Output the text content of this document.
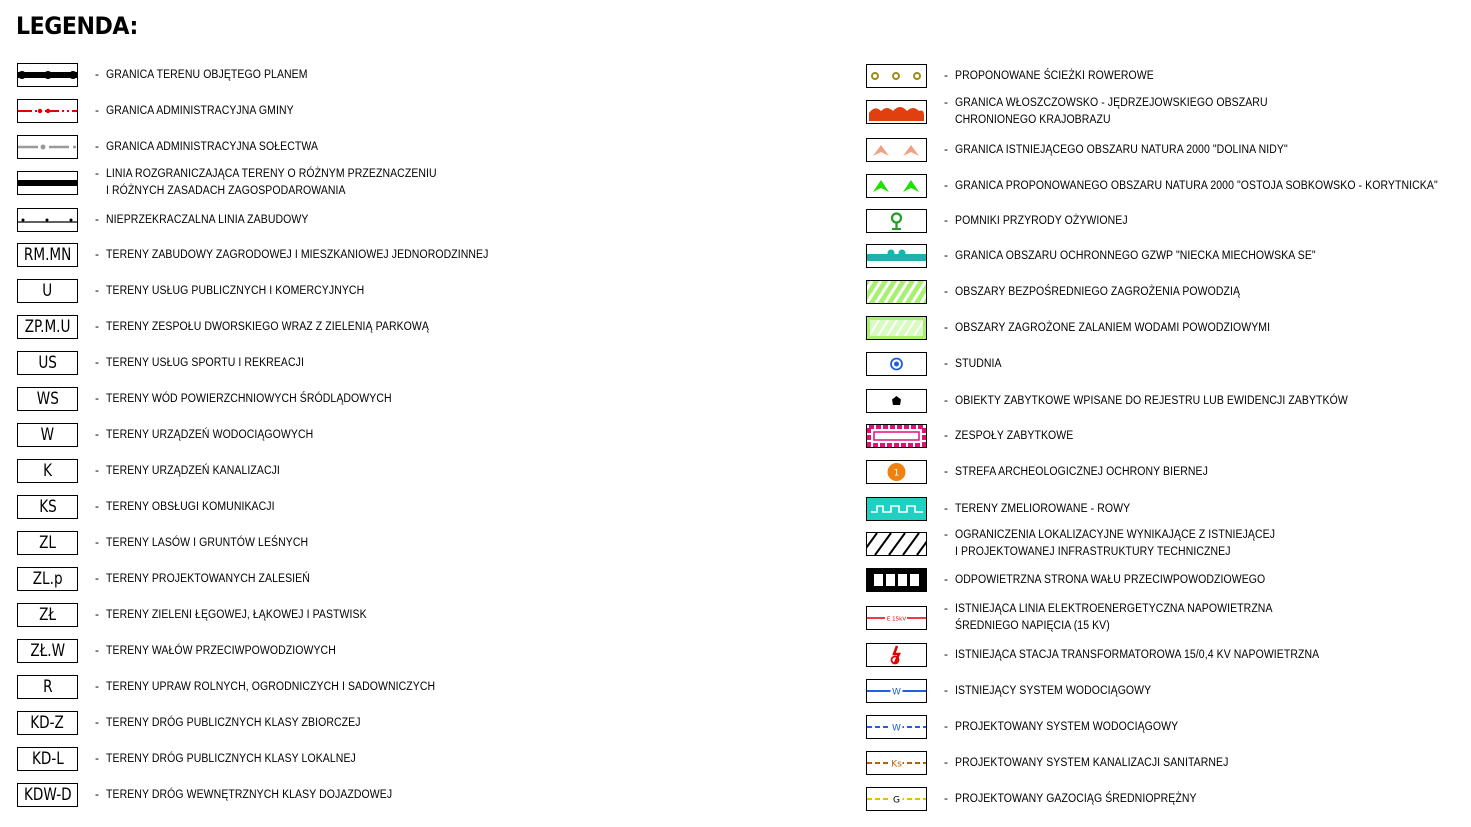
LEGENDA:
- GRANICA TERENU OBJĘTEGO PLANEM
- GRANICA ADMINISTRACYJNA GMINY
- GRANICA ADMINISTRACYJNA SOŁECTWA
- LINIA ROZGRANICZAJĄCA TERENY O RÓŻNYM PRZEZNACZENIU
I RÓŻNYCH ZASADACH ZAGOSPODAROWANIA
- NIEPRZEKRACZALNA LINIA ZABUDOWY
RM.MN - TERENY ZABUDOWY ZAGRODOWEJ I MIESZKANIOWEJ JEDNORODZINNEJ
U	- TERENY USŁUG PUBLICZNYCH I KOMERCYJNYCH
ZP.M.U - TERENY ZESPOŁU DWORSKIEGO WRAZ Z ZIELENIĄ PARKOWĄ
US	- TERENY USŁUG SPORTU I REKREACJI
WS	- TERENY WÓD POWIERZCHNIOWYCH ŚRÓDLĄDOWYCH
W	- TERENY URZĄDZEŃ WODOCIĄGOWYCH
K	- TERENY URZĄDZEŃ KANALIZACJI
KS	- TERENY OBSŁUGI KOMUNIKACJI
ZL	- TERENY LASÓW I GRUNTÓW LEŚNYCH
ZL.p	- TERENY PROJEKTOWANYCH ZALESIEŃ
ZŁ	- TERENY ZIELENI ŁĘGOWEJ, ŁĄKOWEJ I PASTWISK
ZŁ.W	- TERENY WAŁÓW PRZECIWPOWODZIOWYCH
R	- TERENY UPRAW ROLNYCH, OGRODNICZYCH I SADOWNICZYCH
KD-Z	- TERENY DRÓG PUBLICZNYCH KLASY ZBIORCZEJ
KD-L	- TERENY DRÓG PUBLICZNYCH KLASY LOKALNEJ
KDW-D - TERENY DRÓG WEWNĘTRZNYCH KLASY DOJAZDOWEJ
- PROPONOWANE ŚCIEŻKI ROWEROWE
- GRANICA WŁOSZCZOWSKO - JĘDRZEJOWSKIEGO OBSZARU
CHRONIONEGO KRAJOBRAZU
- GRANICA ISTNIEJĄCEGO OBSZARU NATURA 2000 "DOLINA NIDY"
- GRANICA PROPONOWANEGO OBSZARU NATURA 2000 "OSTOJA SOBKOWSKO - KORYTNICKA"
- POMNIKI PRZYRODY OŻYWIONEJ
- GRANICA OBSZARU OCHRONNEGO GZWP "NIECKA MIECHOWSKA SE"
- OBSZARY BEZPOŚREDNIEGO ZAGROŻENIA POWODZIĄ
- OBSZARY ZAGROŻONE ZALANIEM WODAMI POWODZIOWYMI
- STUDNIA
- OBIEKTY ZABYTKOWE WPISANE DO REJESTRU LUB EWIDENCJI ZABYTKÓW
- ZESPOŁY ZABYTKOWE
1	- STREFA ARCHEOLOGICZNEJ OCHRONY BIERNEJ
- TERENY ZMELIOROWANE - ROWY
- OGRANICZENIA LOKALIZACYJNE WYNIKAJĄCE Z ISTNIEJĄCEJ
I PROJEKTOWANEJ INFRASTRUKTURY TECHNICZNEJ
- ODPOWIETRZNA STRONA WAŁU PRZECIWPOWODZIOWEGO
E 15kV
- ISTNIEJĄCA LINIA ELEKTROENERGETYCZNA NAPOWIETRZNA
ŚREDNIEGO NAPIĘCIA (15 KV)
- ISTNIEJĄCA STACJA TRANSFORMATOROWA 15/0,4 KV NAPOWIETRZNA
W	- ISTNIEJĄCY SYSTEM WODOCIĄGOWY
W	- PROJEKTOWANY SYSTEM WODOCIĄGOWY
Ks	- PROJEKTOWANY SYSTEM KANALIZACJI SANITARNEJ
G	- PROJEKTOWANY GAZOCIĄG ŚREDNIOPRĘŻNY
